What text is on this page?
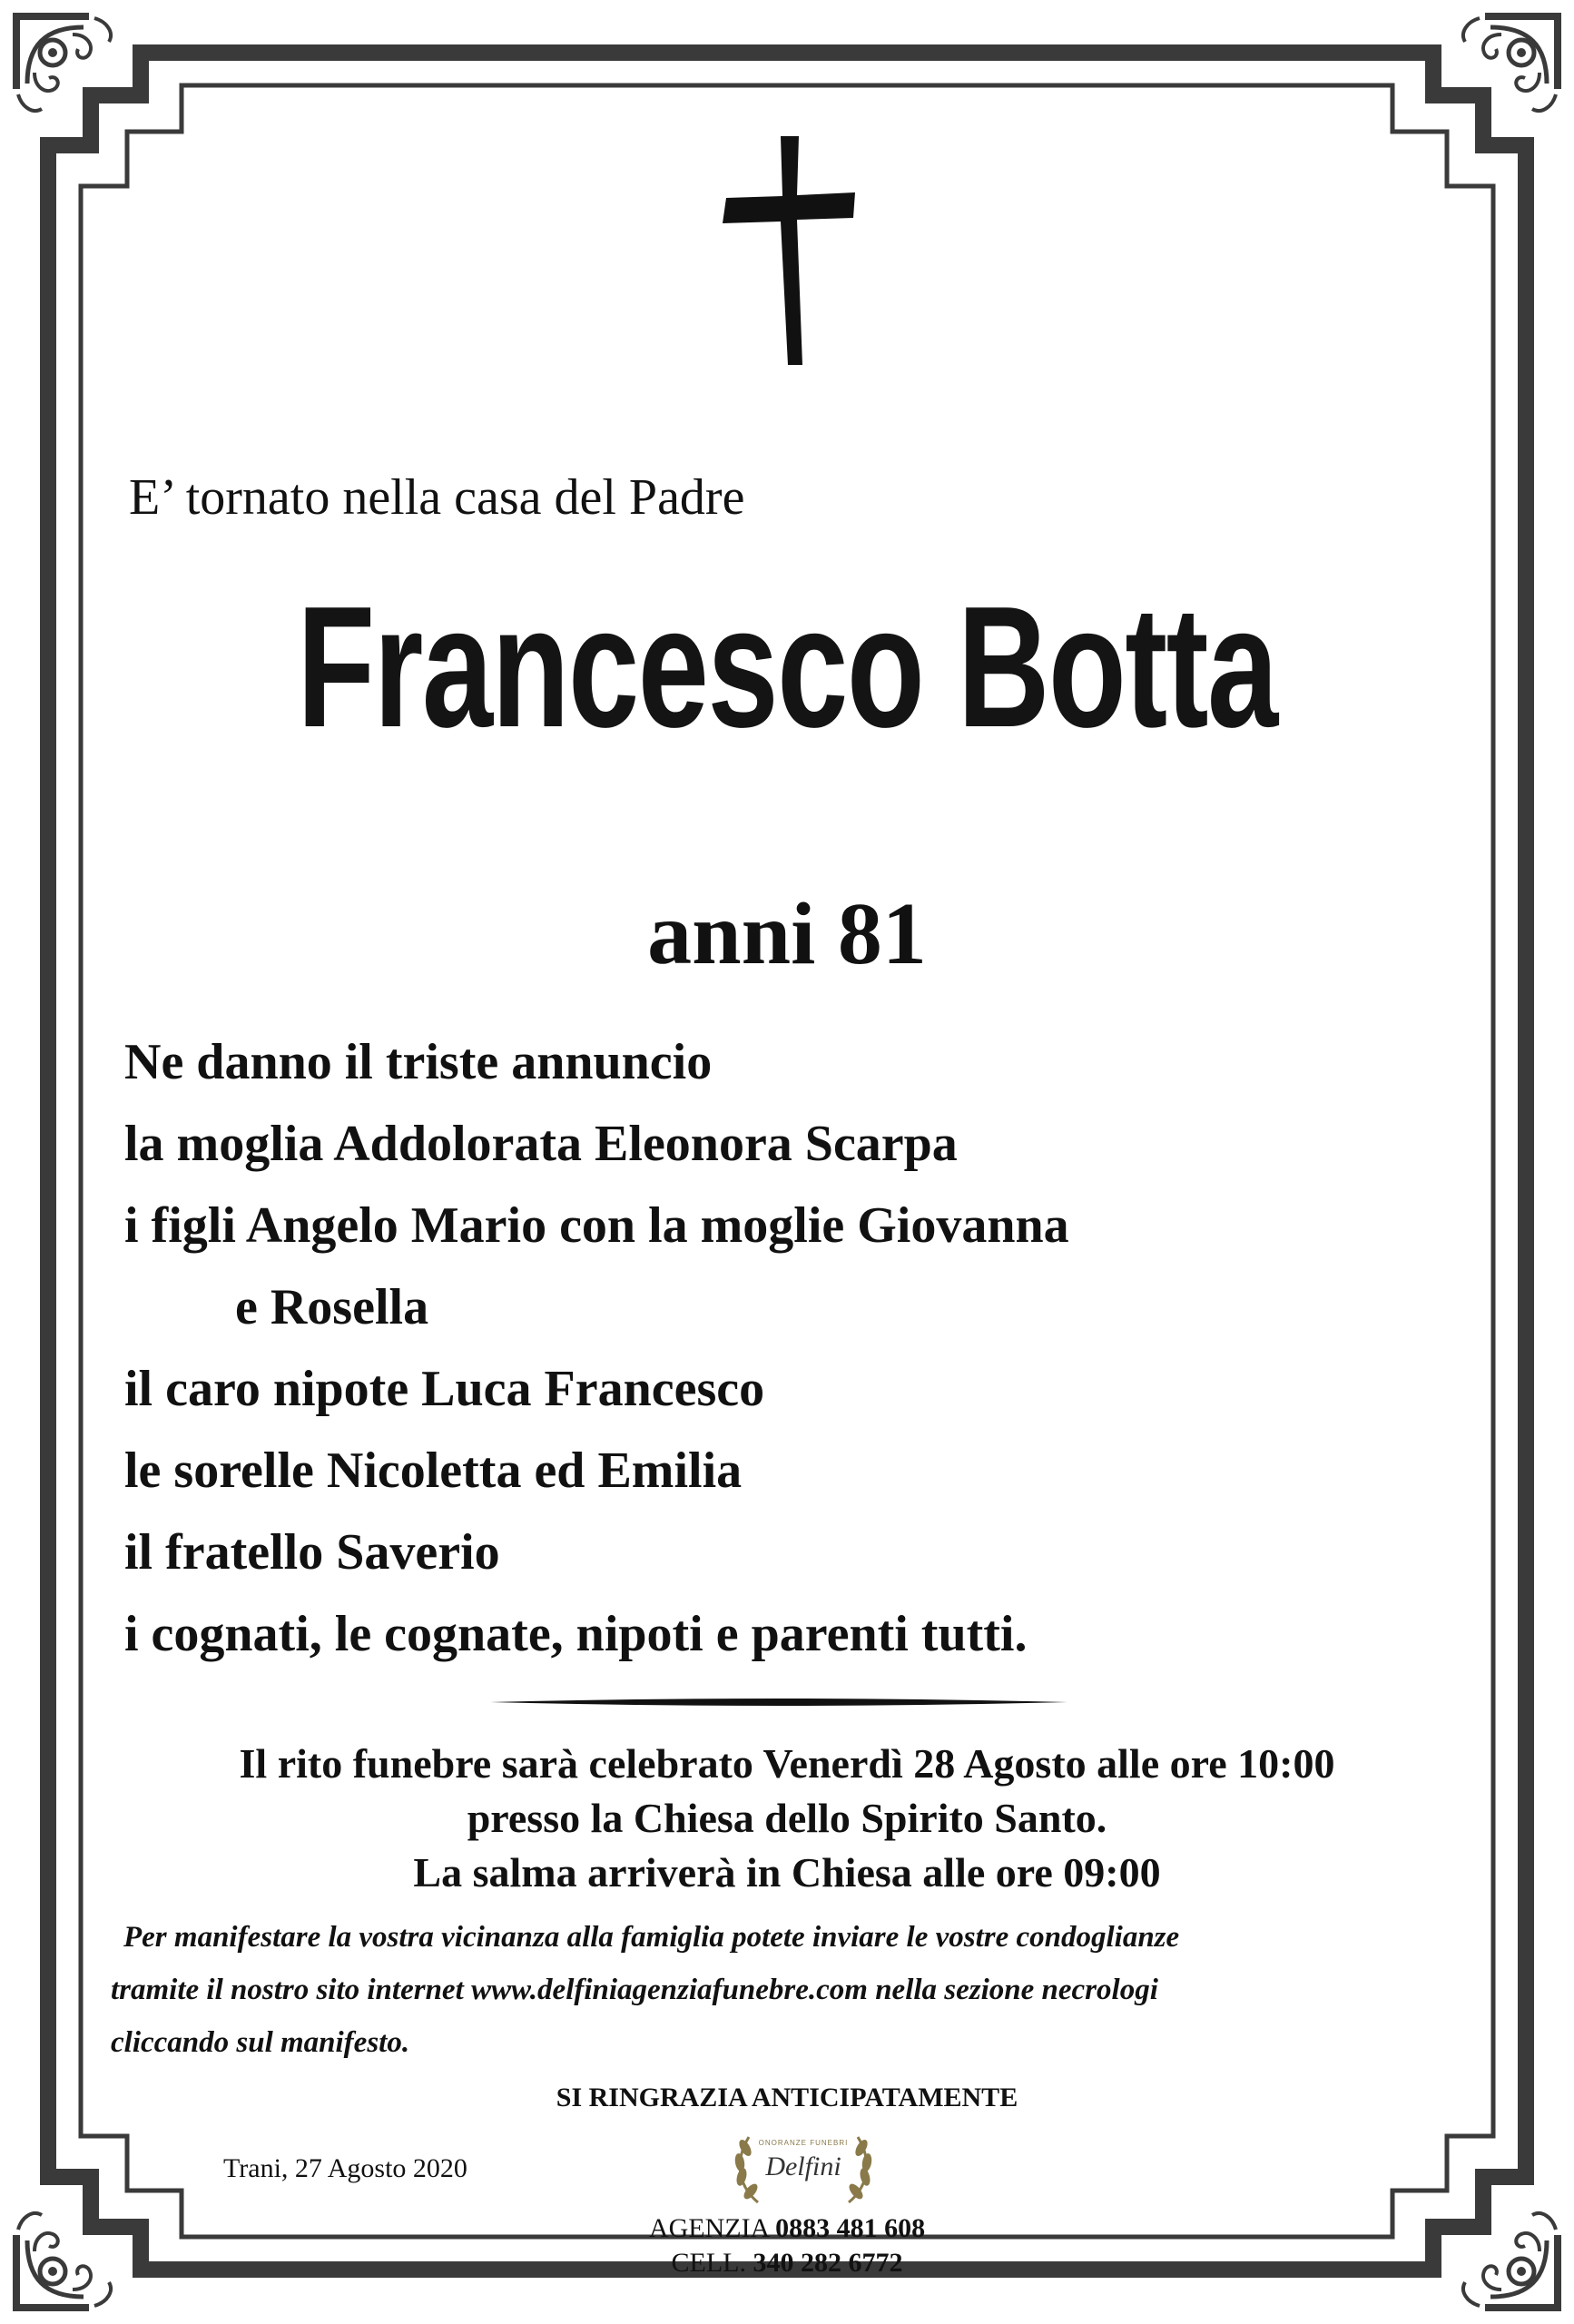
E’ tornato nella casa del Padre

Francesco Botta

anni 81

Ne danno il triste annuncio
la moglia Addolorata Eleonora Scarpa
i figli Angelo Mario con la moglie Giovanna
e Rosella
il caro nipote Luca Francesco
le sorelle Nicoletta ed Emilia
il fratello Saverio
i cognati, le cognate, nipoti e parenti tutti.

Il rito funebre sarà celebrato Venerdì 28 Agosto alle ore 10:00

presso la Chiesa dello Spirito Santo.

La salma arriverà in Chiesa alle ore 09:00

Per manifestare la vostra vicinanza alla famiglia potete inviare le vostre condoglianze

tramite il nostro sito internet www.delfiniagenziafunebre.com nella sezione necrologi

cliccando sul manifesto.

SI RINGRAZIA ANTICIPATAMENTE

Trani, 27 Agosto 2020

ONORANZE FUNEBRI
Delfini

AGENZIA 0883 481 608

CELL. 340 282 6772
